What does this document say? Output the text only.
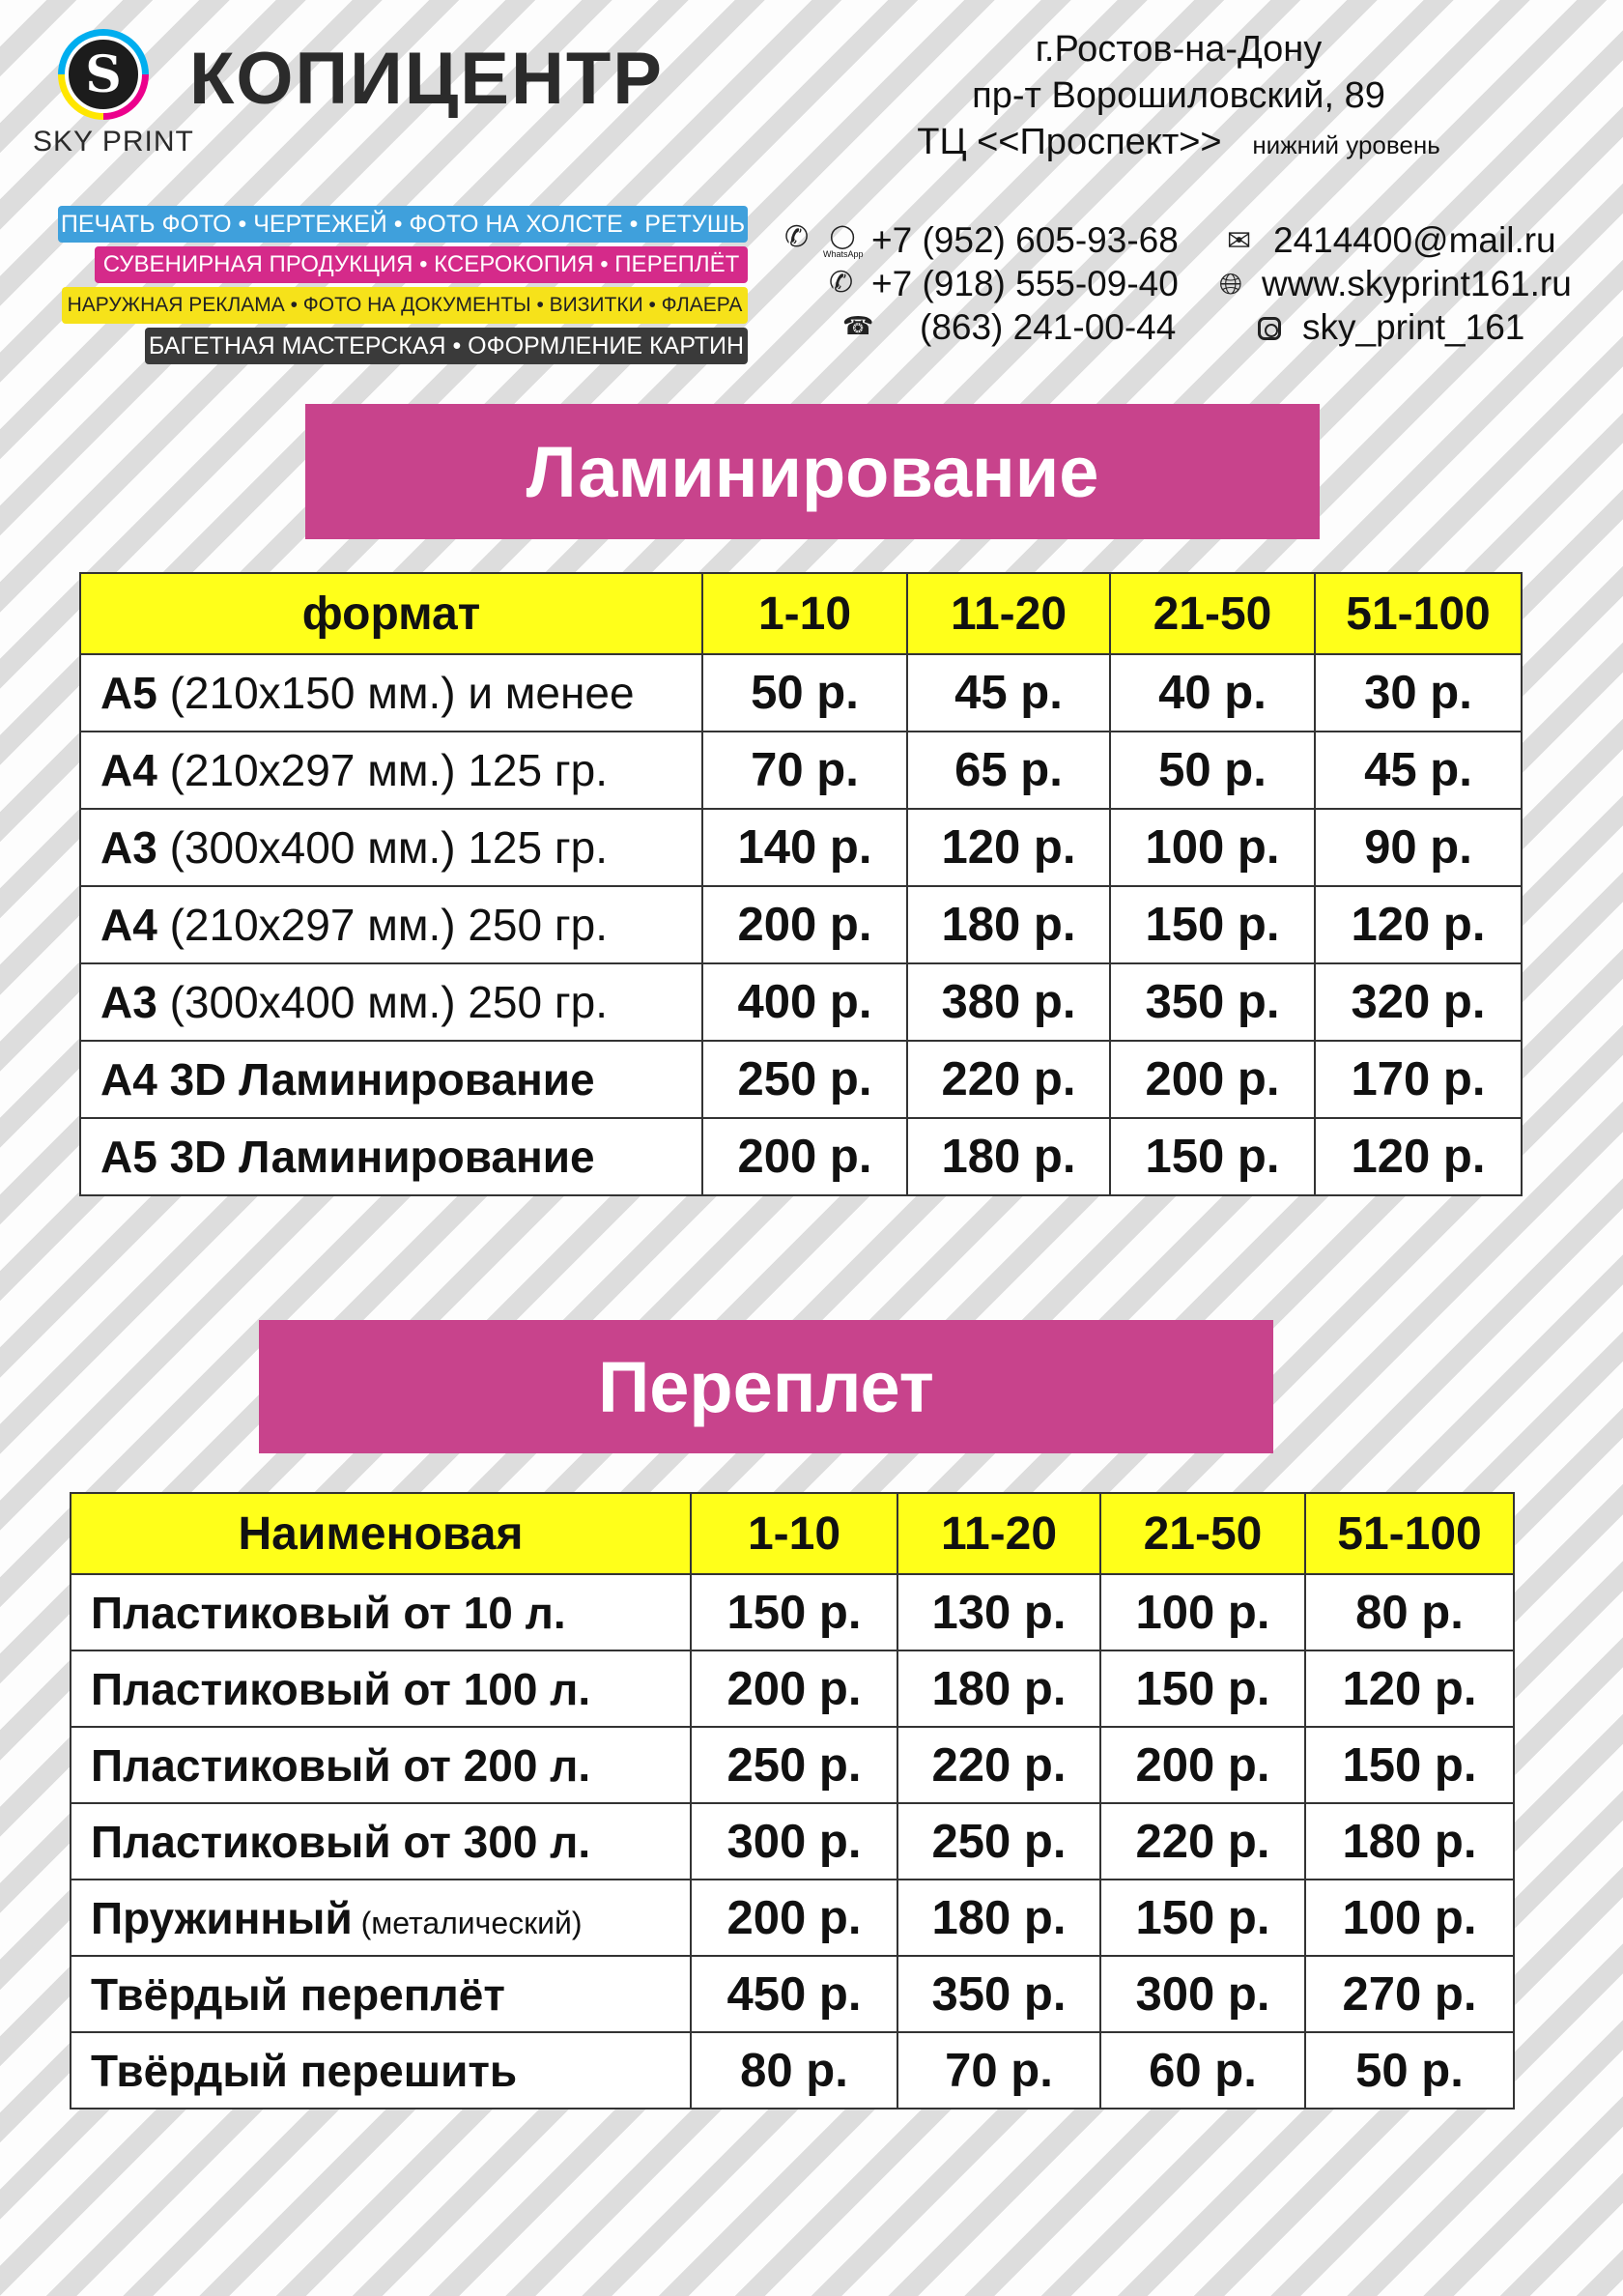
S
SKY PRINT
КОПИЦЕНТР	г.Ростов-на-Дону
пр-т Ворошиловский, 89
ТЦ <<Проспект>> нижний уровень
ПЕЧАТЬ ФОТО • ЧЕРТЕЖЕЙ • ФОТО НА ХОЛСТЕ • РЕТУШЬ
СУВЕНИРНАЯ ПРОДУКЦИЯ • КСЕРОКОПИЯ • ПЕРЕПЛЁТ
НАРУЖНАЯ РЕКЛАМА • ФОТО НА ДОКУМЕНТЫ • ВИЗИТКИ • ФЛАЕРА
БАГЕТНАЯ МАСТЕРСКАЯ • ОФОРМЛЕНИЕ КАРТИН
✆ ◯
WhatsApp +7 (952) 605-93-68
✆ +7 (918) 555-09-40
☎ (863) 241-00-44
✉ 2414400@mail.ru
🌐︎ www.skyprint161.ru
sky_print_161
Ламинирование
формат	1-10	11-20	21-50	51-100
А5 (210х150 мм.) и менее	50 р.	45 р.	40 р.	30 р.
А4 (210х297 мм.) 125 гр.	70 р.	65 р.	50 р.	45 р.
А3 (300х400 мм.) 125 гр.	140 р.	120 р.	100 р.	90 р.
А4 (210х297 мм.) 250 гр.	200 р.	180 р.	150 р.	120 р.
А3 (300х400 мм.) 250 гр.	400 р.	380 р.	350 р.	320 р.
А4 3D Ламинирование	250 р.	220 р.	200 р.	170 р.
А5 3D Ламинирование	200 р.	180 р.	150 р.	120 р.
Переплет
Наименовая	1-10	11-20	21-50	51-100
Пластиковый от 10 л.	150 р.	130 р.	100 р.	80 р.
Пластиковый от 100 л.	200 р.	180 р.	150 р.	120 р.
Пластиковый от 200 л.	250 р.	220 р.	200 р.	150 р.
Пластиковый от 300 л.	300 р.	250 р.	220 р.	180 р.
Пружинный (металический)	200 р.	180 р.	150 р.	100 р.
Твёрдый переплёт	450 р.	350 р.	300 р.	270 р.
Твёрдый перешить	80 р.	70 р.	60 р.	50 р.
